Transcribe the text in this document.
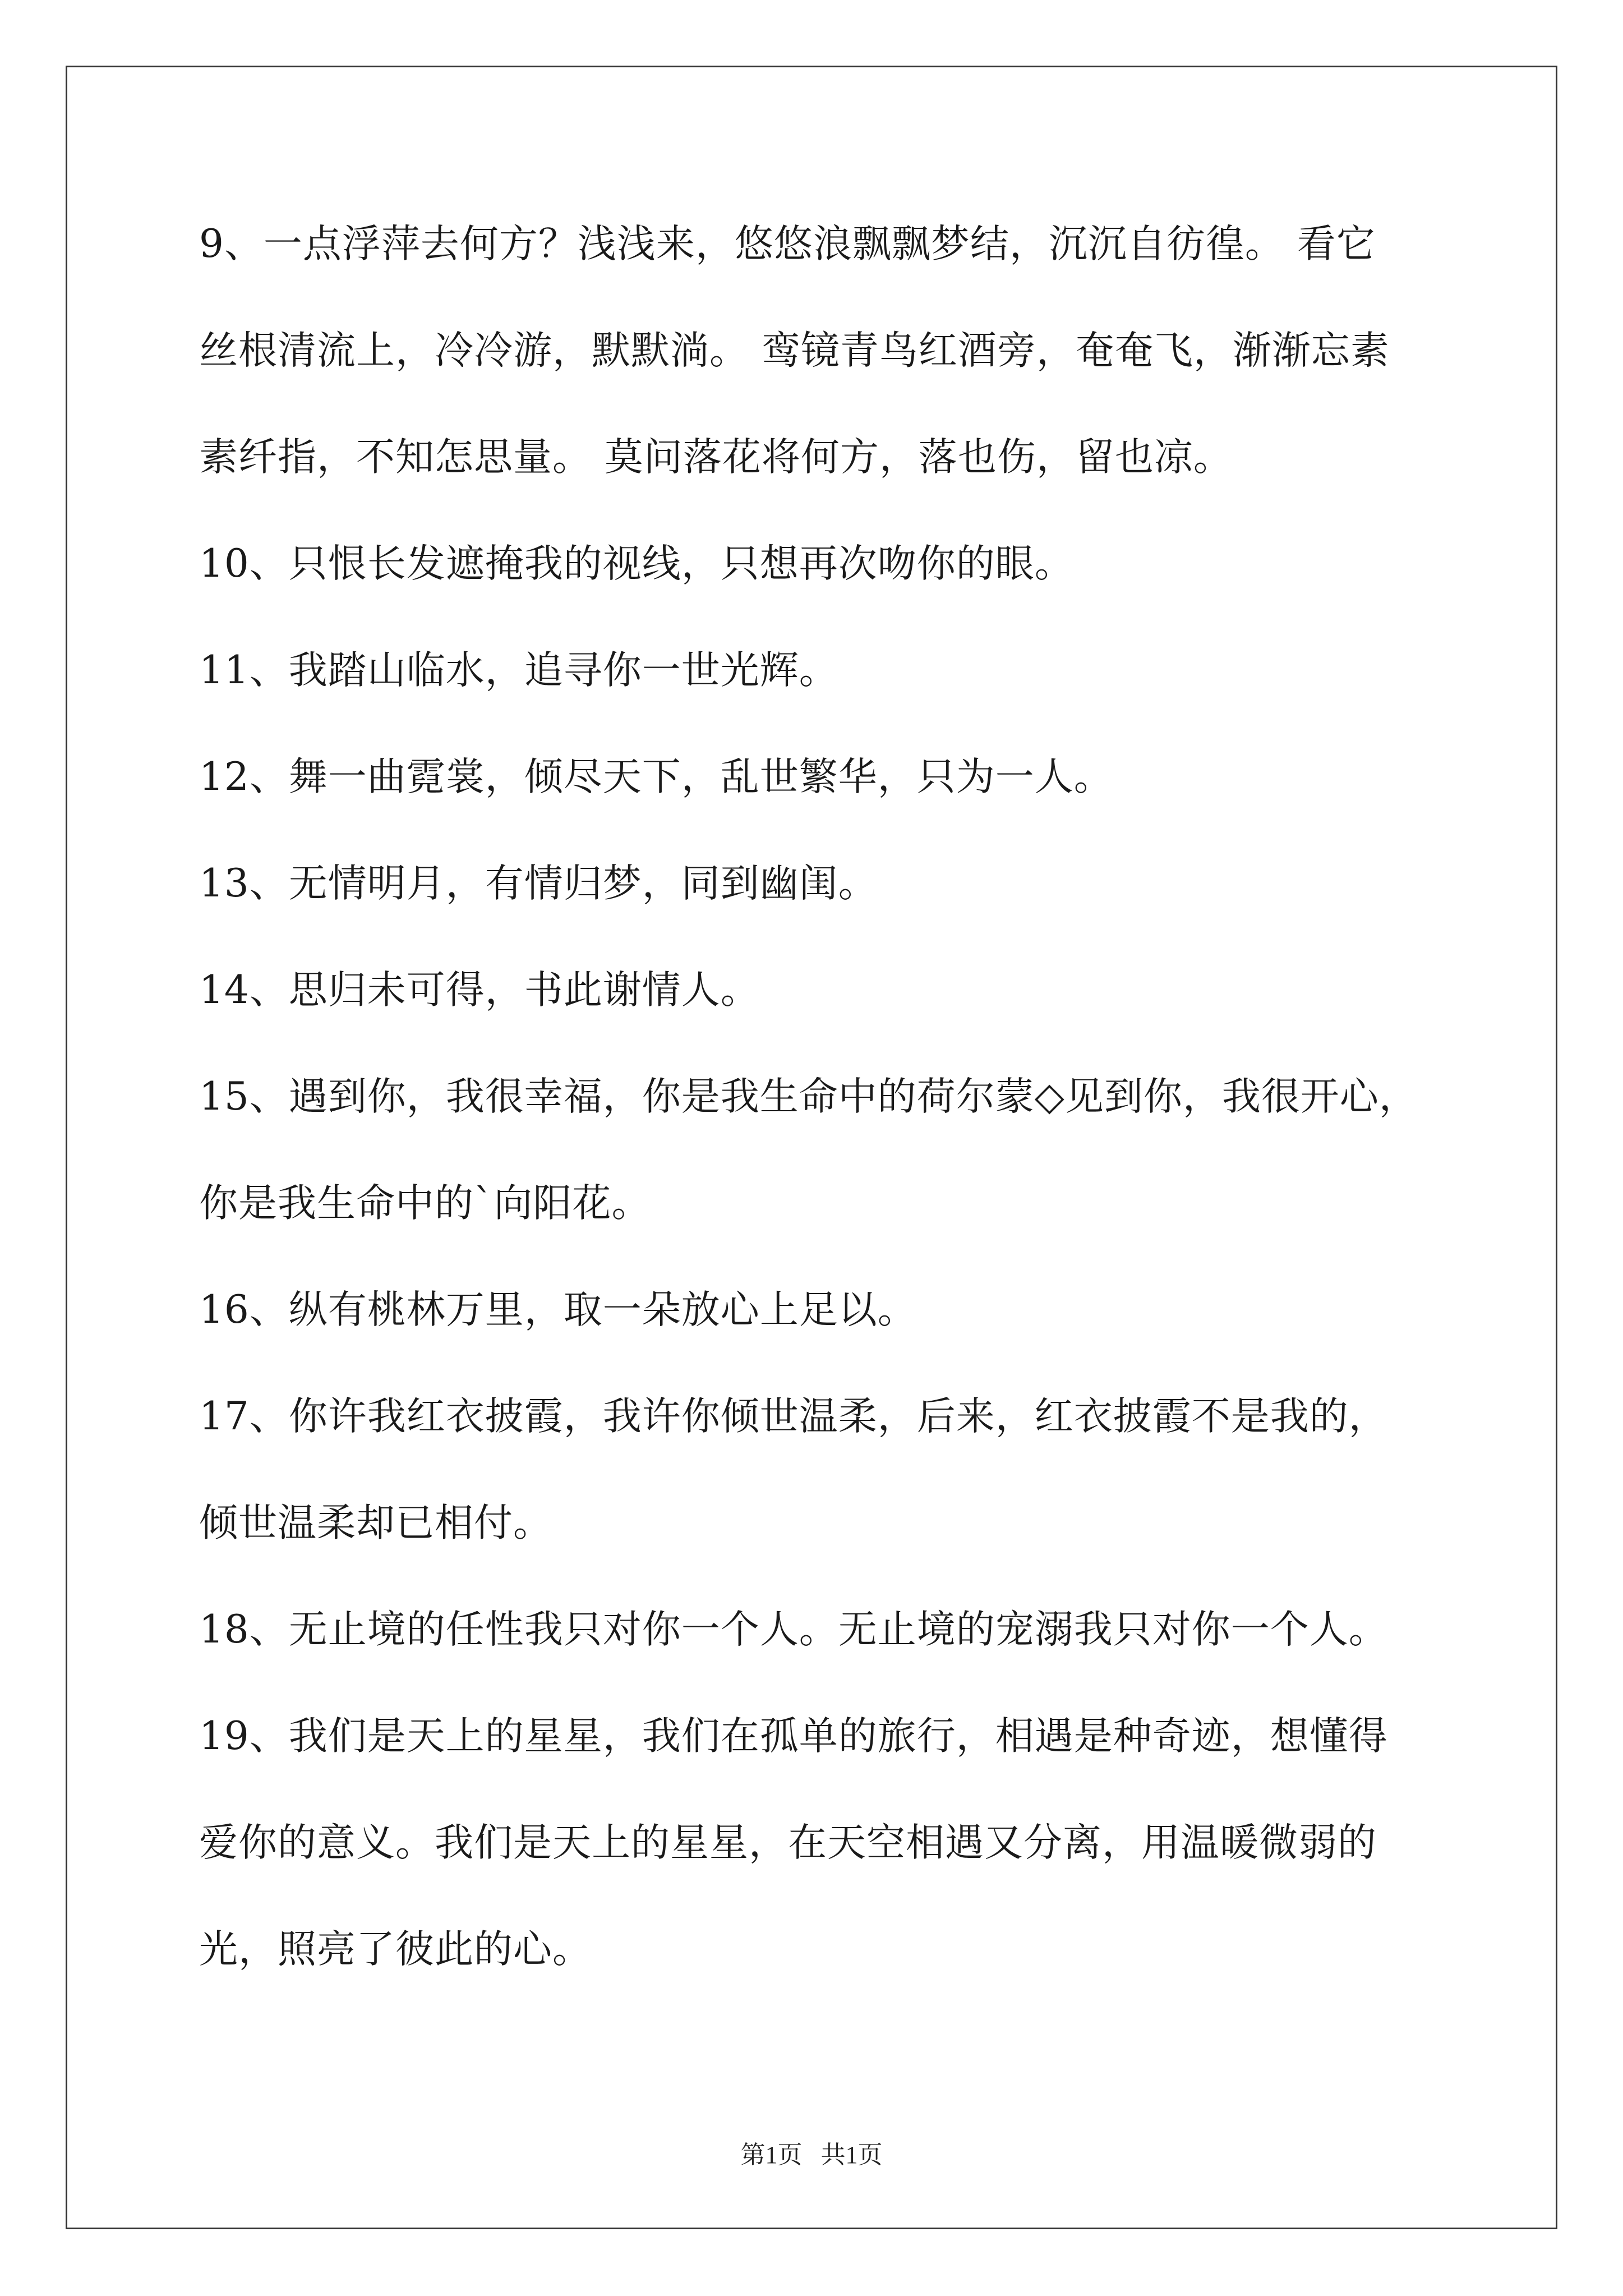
9、一点浮萍去何方？浅浅来，悠悠浪飘飘梦结，沉沉自彷徨。 看它
丝根清流上，冷冷游，默默淌。 鸾镜青鸟红酒旁，奄奄飞，渐渐忘素
素纤指，不知怎思量。 莫问落花将何方，落也伤，留也凉。
10、只恨长发遮掩我的视线，只想再次吻你的眼。
11、我踏山临水，追寻你一世光辉。
12、舞一曲霓裳，倾尽天下，乱世繁华，只为一人。
13、无情明月，有情归梦，同到幽闺。
14、思归未可得，书此谢情人。
15、遇到你，我很幸福，你是我生命中的荷尔蒙◇见到你，我很开心，
你是我生命中的`向阳花。
16、纵有桃林万里，取一朵放心上足以。
17、你许我红衣披霞，我许你倾世温柔，后来，红衣披霞不是我的，
倾世温柔却已相付。
18、无止境的任性我只对你一个人。无止境的宠溺我只对你一个人。
19、我们是天上的星星，我们在孤单的旅行，相遇是种奇迹，想懂得
爱你的意义。我们是天上的星星，在天空相遇又分离，用温暖微弱的
光，照亮了彼此的心。
第1页 共1页
